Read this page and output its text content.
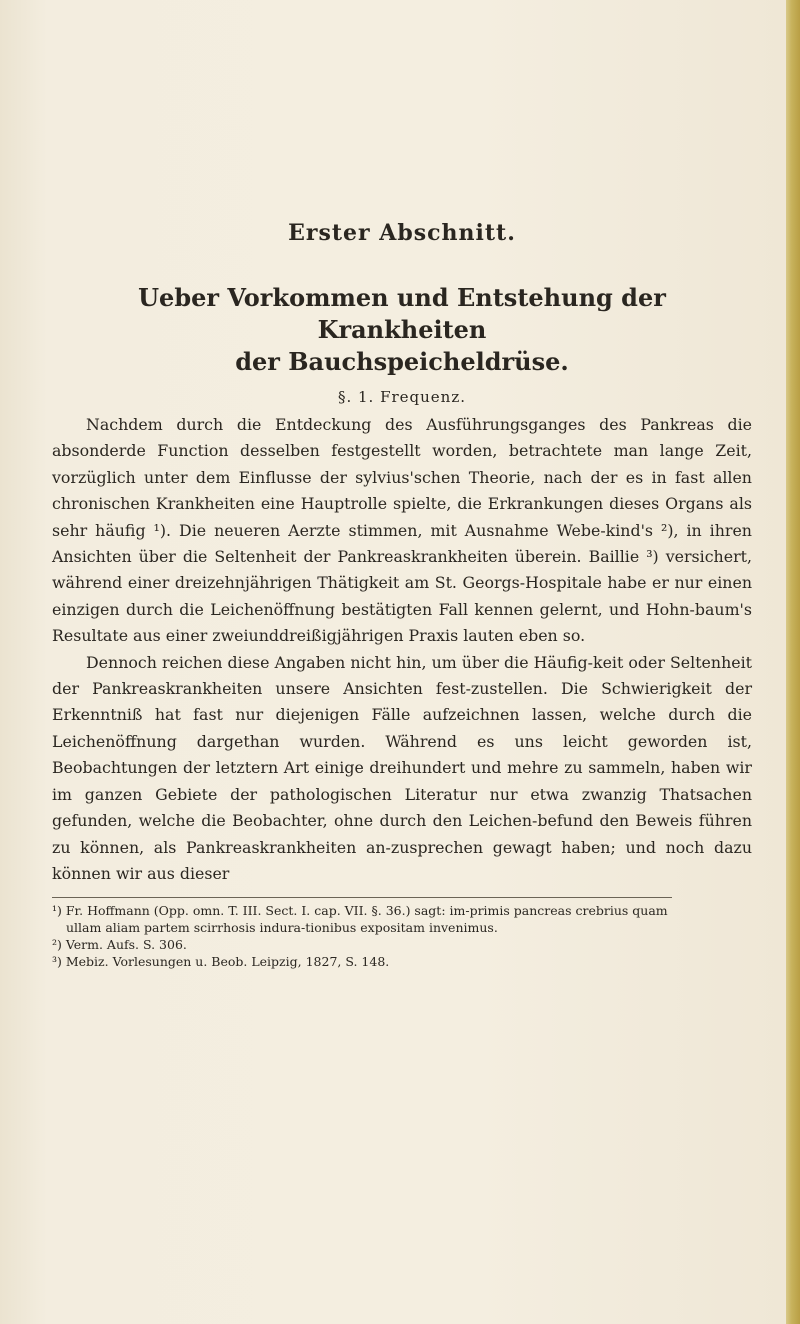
Erster Abschnitt.
Ueber Vorkommen und Entstehung der Krankheiten
der Bauchspeicheldrüse.
§. 1. Frequenz.

Nachdem durch die Entdeckung des Ausführungsganges des Pankreas die absonderde Function desselben festgestellt worden, betrachtete man lange Zeit, vorzüglich unter dem Einflusse der sylvius'schen Theorie, nach der es in fast allen chronischen Krankheiten eine Hauptrolle spielte, die Erkrankungen dieses Organs als sehr häufig ¹). Die neueren Aerzte stimmen, mit Ausnahme Webe-kind's ²), in ihren Ansichten über die Seltenheit der Pankreaskrankheiten überein. Baillie ³) versichert, während einer dreizehnjährigen Thätigkeit am St. Georgs-Hospitale habe er nur einen einzigen durch die Leichenöffnung bestätigten Fall kennen gelernt, und Hohn-baum's Resultate aus einer zweiunddreißigjährigen Praxis lauten eben so.

Dennoch reichen diese Angaben nicht hin, um über die Häufig-keit oder Seltenheit der Pankreaskrankheiten unsere Ansichten fest-zustellen. Die Schwierigkeit der Erkenntniß hat fast nur diejenigen Fälle aufzeichnen lassen, welche durch die Leichenöffnung dargethan wurden. Während es uns leicht geworden ist, Beobachtungen der letztern Art einige dreihundert und mehre zu sammeln, haben wir im ganzen Gebiete der pathologischen Literatur nur etwa zwanzig Thatsachen gefunden, welche die Beobachter, ohne durch den Leichen-befund den Beweis führen zu können, als Pankreaskrankheiten an-zusprechen gewagt haben; und noch dazu können wir aus dieser

¹) Fr. Hoffmann (Opp. omn. T. III. Sect. I. cap. VII. §. 36.) sagt: im-primis pancreas crebrius quam ullam aliam partem scirrhosis indura-tionibus expositam invenimus.
²) Verm. Aufs. S. 306.
³) Mebiz. Vorlesungen u. Beob. Leipzig, 1827, S. 148.
